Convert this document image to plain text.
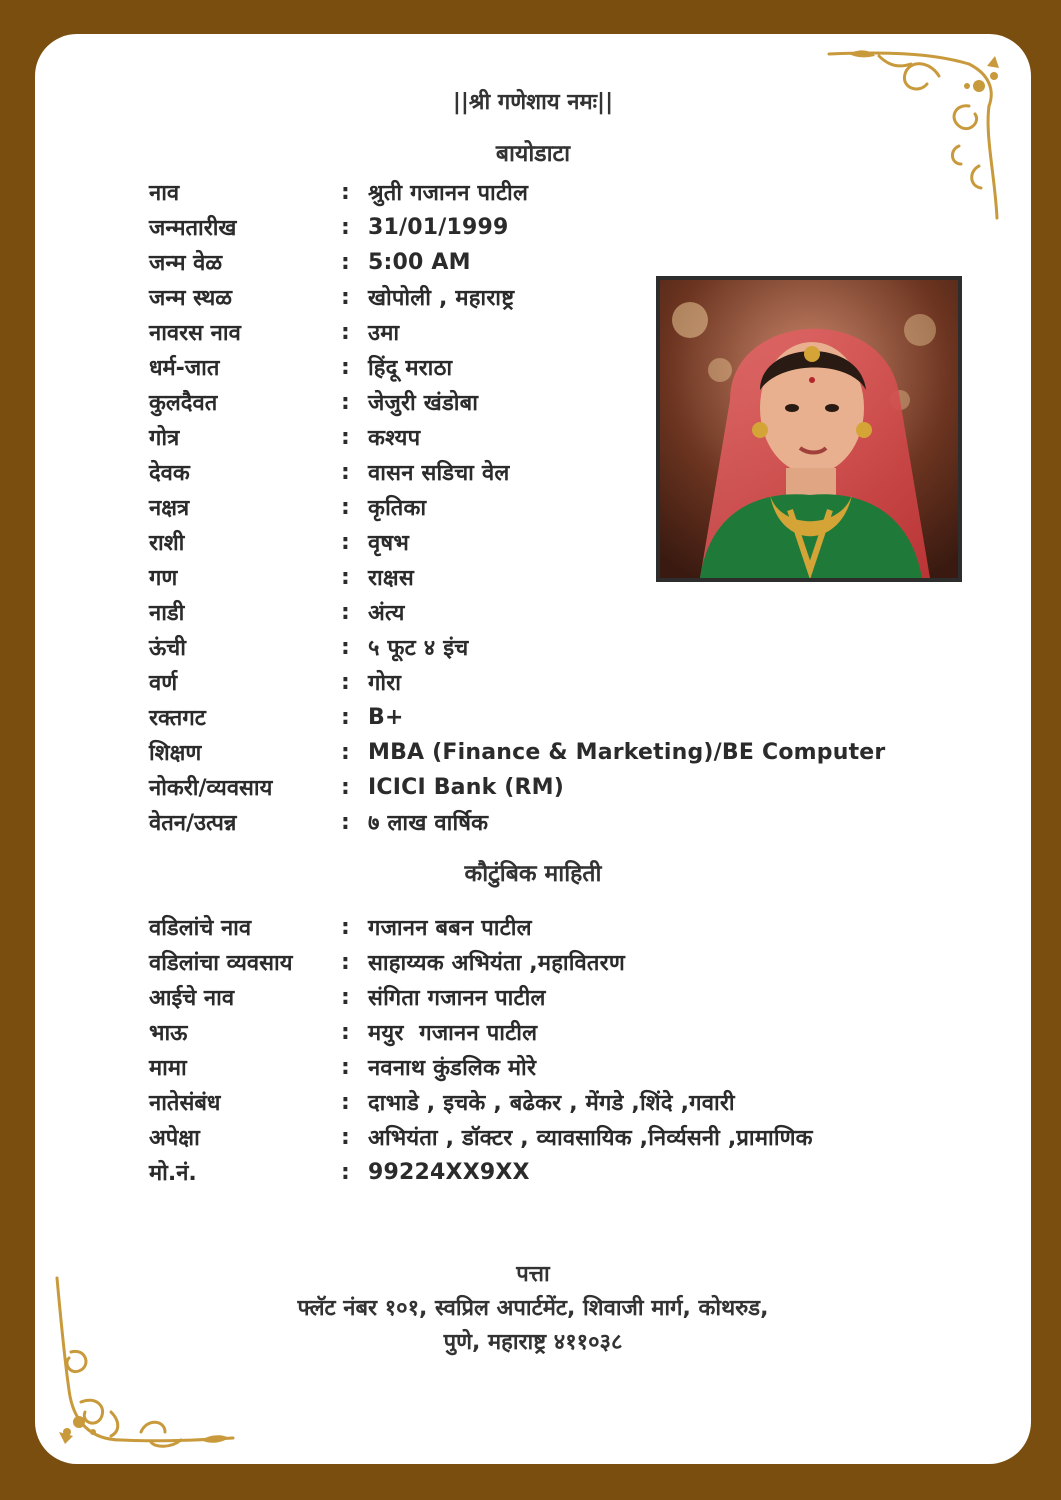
||श्री गणेशाय नमः||
बायोडाटा
नाव	: श्रुती गजानन पाटील
जन्मतारीख	: 31/01/1999
जन्म वेळ	: 5:00 AM
जन्म स्थळ	: खोपोली , महाराष्ट्र
नावरस नाव	: उमा
धर्म-जात	: हिंदू मराठा
कुलदैवत	: जेजुरी खंडोबा
गोत्र	: कश्यप
देवक	: वासन सडिचा वेल
नक्षत्र	: कृतिका
राशी	: वृषभ
गण	: राक्षस
नाडी	: अंत्य
ऊंची	: ५ फूट ४ इंच
वर्ण	: गोरा
रक्तगट	: B+
शिक्षण	: MBA (Finance & Marketing)/BE Computer
नोकरी/व्यवसाय	: ICICI Bank (RM)
वेतन/उत्पन्न	: ७ लाख वार्षिक
कौटुंबिक माहिती
वडिलांचे नाव	: गजानन बबन पाटील
वडिलांचा व्यवसाय	: साहाय्यक अभियंता ,महावितरण
आईचे नाव	: संगिता गजानन पाटील
भाऊ	: मयुर  गजानन पाटील
मामा	: नवनाथ कुंडलिक मोरे
नातेसंबंध	: दाभाडे , इचके , बढेकर , मेंगडे ,शिंदे ,गवारी
अपेक्षा	: अभियंता , डॉक्टर , व्यावसायिक ,निर्व्यसनी ,प्रामाणिक
मो.नं.	: 99224XX9XX
पत्ता
फ्लॅट नंबर १०१, स्वप्रिल अपार्टमेंट, शिवाजी मार्ग, कोथरुड,
पुणे, महाराष्ट्र ४११०३८
